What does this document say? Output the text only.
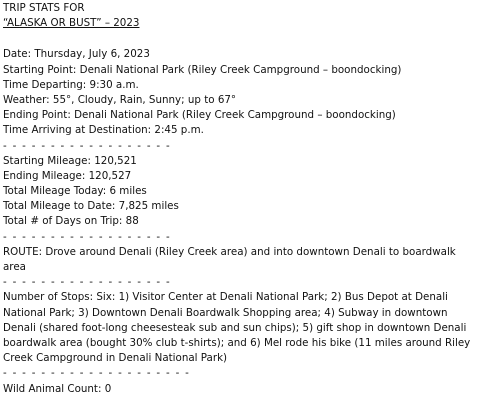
TRIP STATS FOR
“ALASKA OR BUST” – 2023
Date: Thursday, July 6, 2023
Starting Point: Denali National Park (Riley Creek Campground – boondocking)
Time Departing: 9:30 a.m.
Weather: 55°, Cloudy, Rain, Sunny; up to 67°
Ending Point: Denali National Park (Riley Creek Campground – boondocking)
Time Arriving at Destination: 2:45 p.m.
- - - - - - - - - - - - - - - - - -
Starting Mileage: 120,521
Ending Mileage: 120,527
Total Mileage Today: 6 miles
Total Mileage to Date: 7,825 miles
Total # of Days on Trip: 88
- - - - - - - - - - - - - - - - - -

ROUTE: Drove around Denali (Riley Creek area) and into downtown Denali to boardwalk area

- - - - - - - - - - - - - - - - - -

Number of Stops: Six: 1) Visitor Center at Denali National Park; 2) Bus Depot at Denali National Park; 3) Downtown Denali Boardwalk Shopping area; 4) Subway in downtown Denali (shared foot-long cheesesteak sub and sun chips); 5) gift shop in downtown Denali boardwalk area (bought 30% club t-shirts); and 6) Mel rode his bike (11 miles around Riley Creek Campground in Denali National Park)

- - - - - - - - - - - - - - - - - - - -
Wild Animal Count: 0
